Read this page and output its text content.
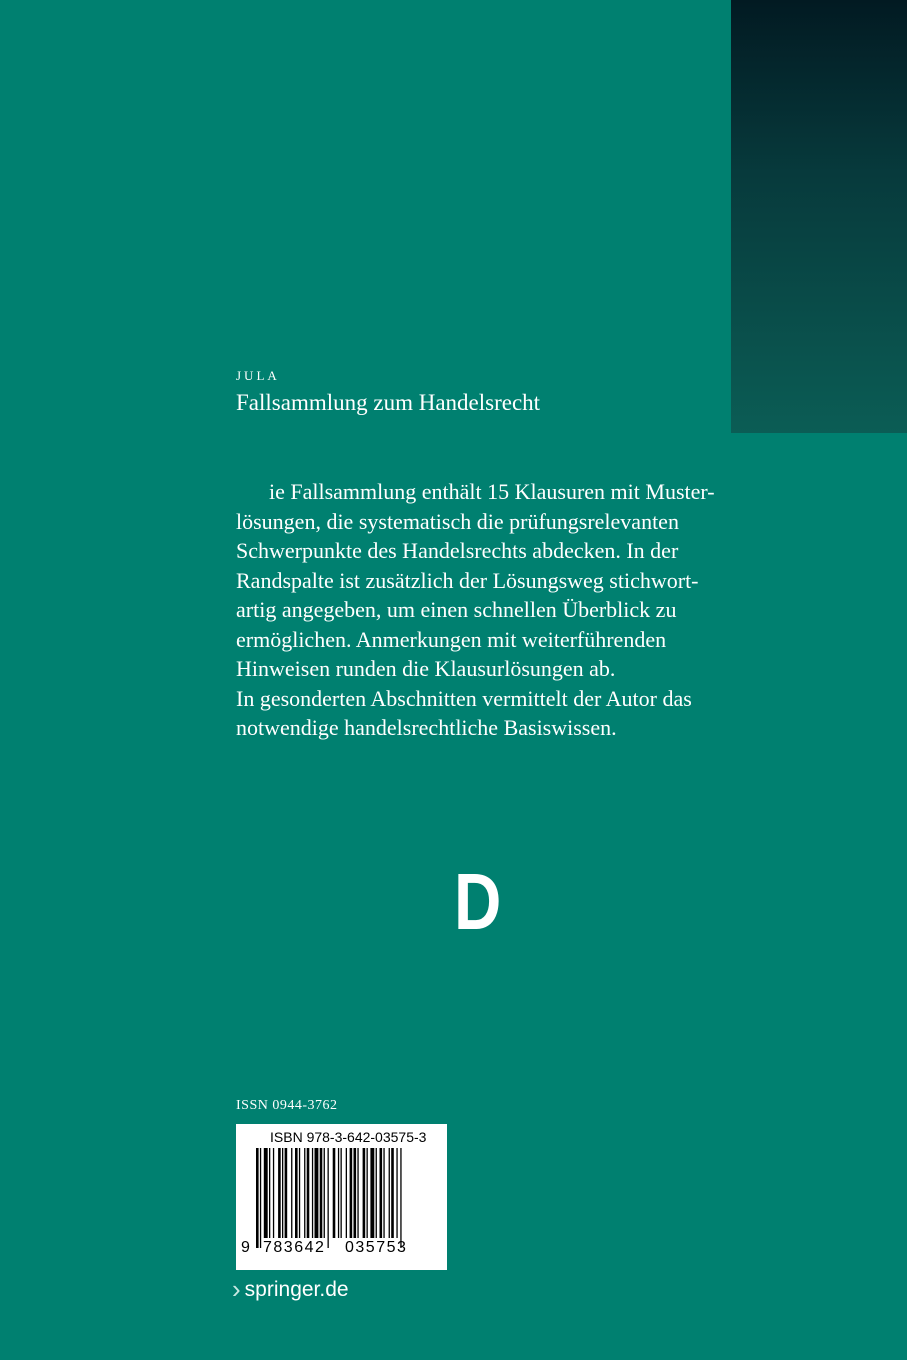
JULA
Fallsammlung zum Handelsrecht
D
ie Fallsammlung enthält 15 Klausuren mit Muster-
lösungen, die systematisch die prüfungsrelevanten
Schwerpunkte des Handelsrechts abdecken. In der
Randspalte ist zusätzlich der Lösungsweg stichwort-
artig angegeben, um einen schnellen Überblick zu
ermöglichen. Anmerkungen mit weiterführenden
Hinweisen runden die Klausurlösungen ab.
In gesonderten Abschnitten vermittelt der Autor das
notwendige handelsrechtliche Basiswissen.
ISSN 0944-3762
ISBN 978-3-642-03575-3
9 783642 035753
› springer.de
